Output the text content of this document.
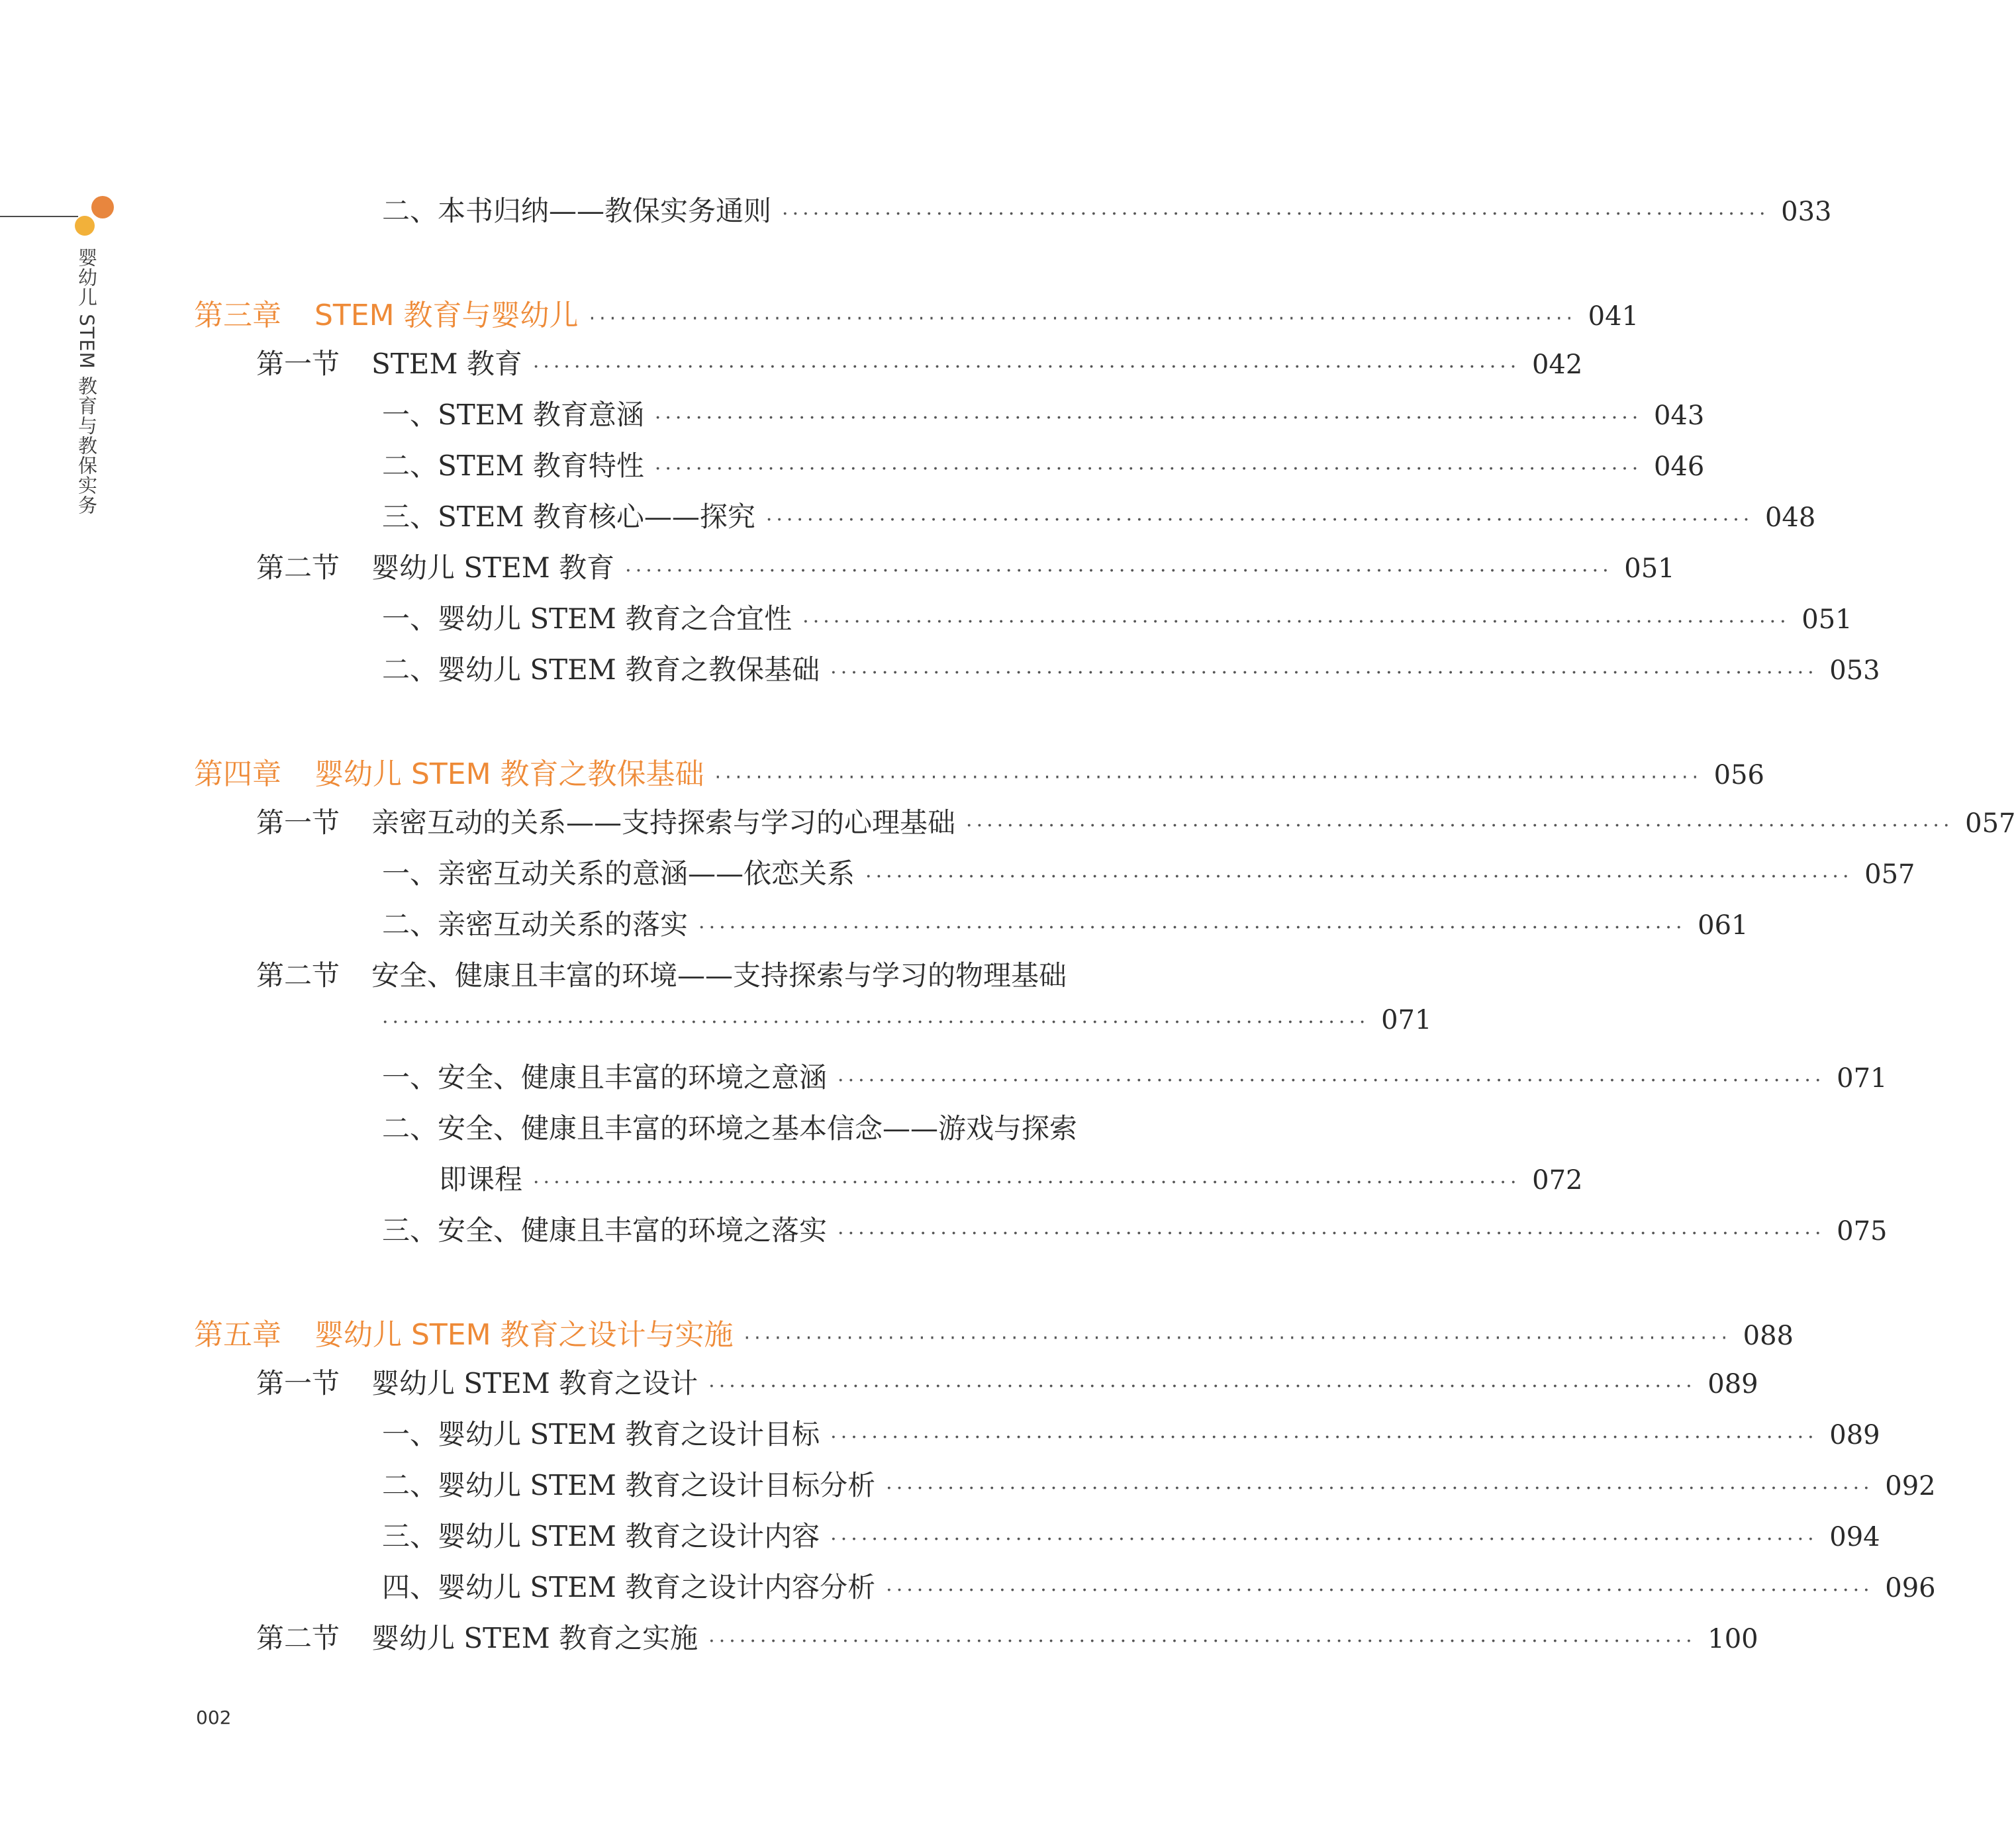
婴幼儿 STEM 教育与教保实务
二、 本书归纳——教保实务通则 ································································································ 033
第三章 STEM 教育与婴幼儿 ································································································ 041
第一节 STEM 教育 ································································································ 042
一、 STEM 教育意涵 ································································································ 043
二、 STEM 教育特性 ································································································ 046
三、 STEM 教育核心——探究 ································································································ 048
第二节 婴幼儿 STEM 教育 ································································································ 051
一、 婴幼儿 STEM 教育之合宜性 ································································································ 051
二、 婴幼儿 STEM 教育之教保基础 ································································································ 053
第四章 婴幼儿 STEM 教育之教保基础 ································································································ 056
第一节 亲密互动的关系——支持探索与学习的心理基础 ································································································ 057
一、 亲密互动关系的意涵——依恋关系 ································································································ 057
二、 亲密互动关系的落实 ································································································ 061
第二节 安全、健康且丰富的环境——支持探索与学习的物理基础
································································································ 071
一、 安全、健康且丰富的环境之意涵 ································································································ 071
二、 安全、健康且丰富的环境之基本信念——游戏与探索
即课程 ································································································ 072
三、 安全、健康且丰富的环境之落实 ································································································ 075
第五章 婴幼儿 STEM 教育之设计与实施 ································································································ 088
第一节 婴幼儿 STEM 教育之设计 ································································································ 089
一、 婴幼儿 STEM 教育之设计目标 ································································································ 089
二、 婴幼儿 STEM 教育之设计目标分析 ································································································ 092
三、 婴幼儿 STEM 教育之设计内容 ································································································ 094
四、 婴幼儿 STEM 教育之设计内容分析 ································································································ 096
第二节 婴幼儿 STEM 教育之实施 ································································································ 100
002
